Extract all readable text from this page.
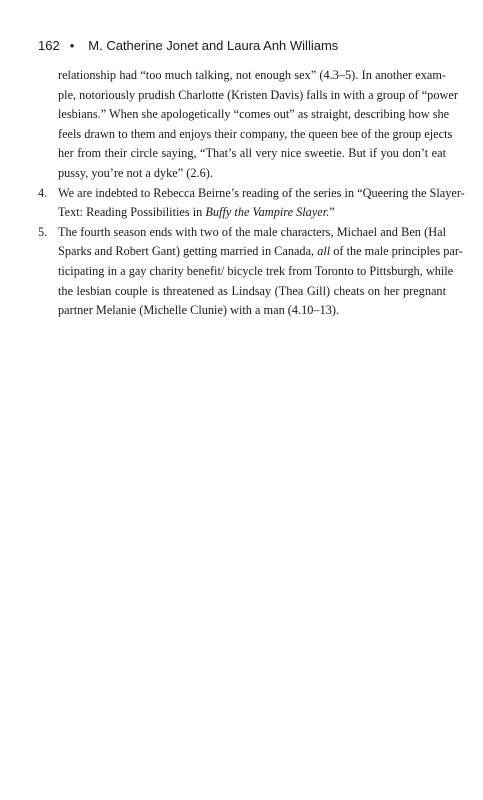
162 • M. Catherine Jonet and Laura Anh Williams
relationship had “too much talking, not enough sex” (4.3–5). In another exam-
ple, notoriously prudish Charlotte (Kristen Davis) falls in with a group of “power
lesbians.” When she apologetically “comes out” as straight, describing how she
feels drawn to them and enjoys their company, the queen bee of the group ejects
her from their circle saying, “That’s all very nice sweetie. But if you don’t eat
pussy, you’re not a dyke” (2.6).
4. We are indebted to Rebecca Beirne’s reading of the series in “Queering the Slayer-
Text: Reading Possibilities in Buffy the Vampire Slayer.”
5. The fourth season ends with two of the male characters, Michael and Ben (Hal
Sparks and Robert Gant) getting married in Canada, all of the male principles par-
ticipating in a gay charity benefit/ bicycle trek from Toronto to Pittsburgh, while
the lesbian couple is threatened as Lindsay (Thea Gill) cheats on her pregnant
partner Melanie (Michelle Clunie) with a man (4.10–13).
